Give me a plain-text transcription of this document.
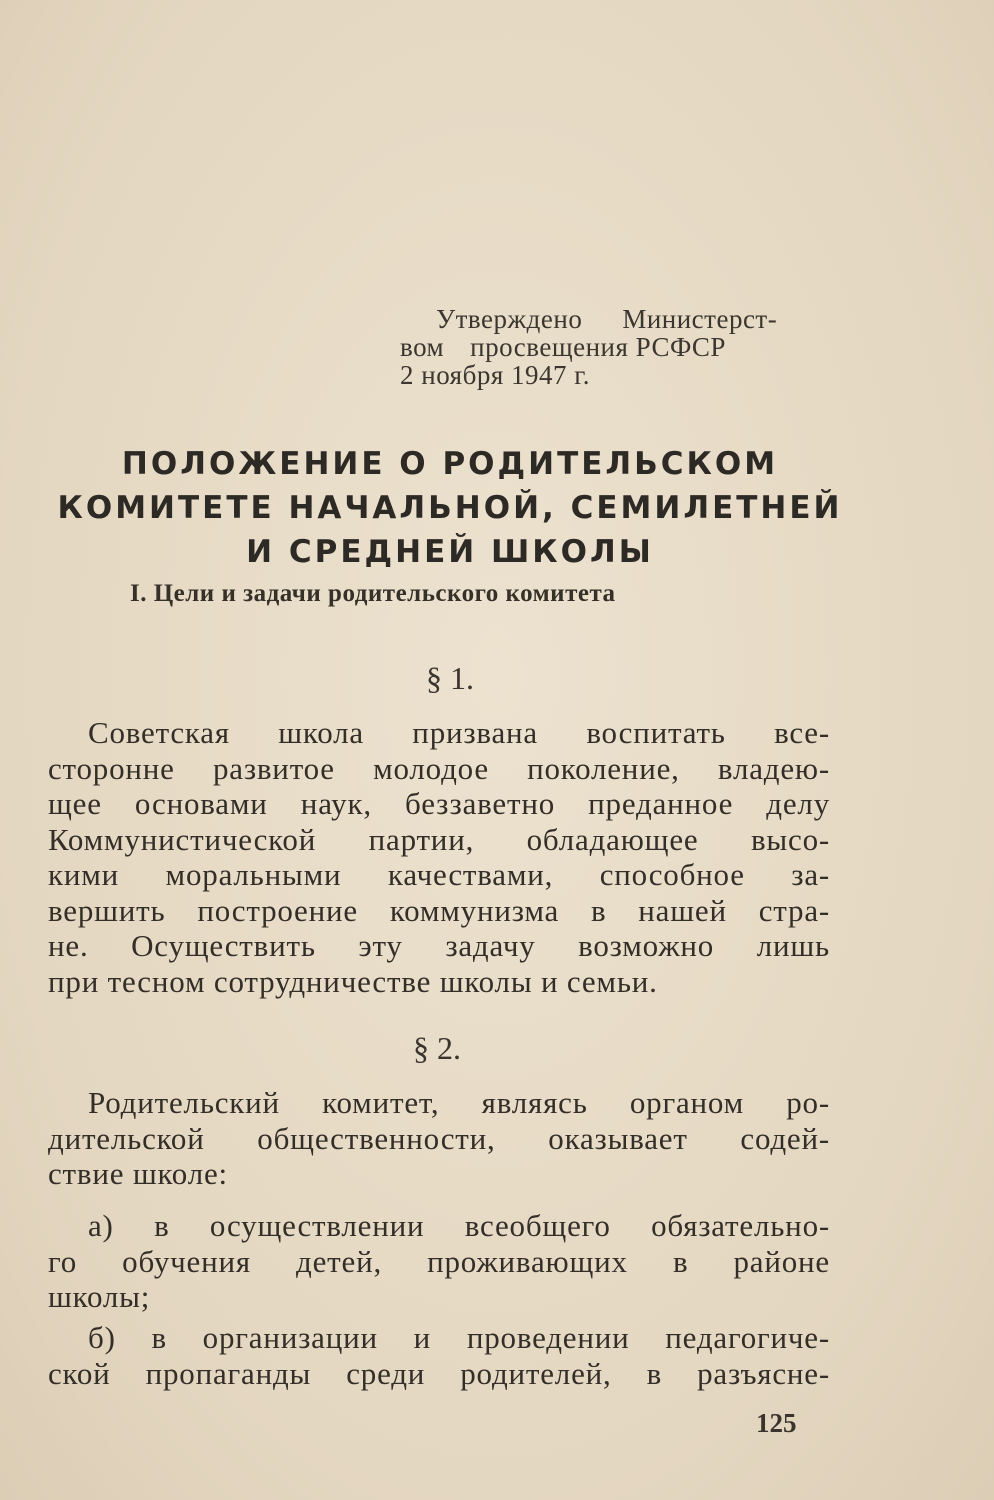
Утверждено Министерст-
вом просвещения РСФСР
2 ноября 1947 г.
ПОЛОЖЕНИЕ О РОДИТЕЛЬСКОМ
КОМИТЕТЕ НАЧАЛЬНОЙ, СЕМИЛЕТНЕЙ
И СРЕДНЕЙ ШКОЛЫ
I. Цели и задачи родительского комитета
§ 1.
Советская школа призвана воспитать все-
сторонне развитое молодое поколение, владею-
щее основами наук, беззаветно преданное делу
Коммунистической партии, обладающее высо-
кими моральными качествами, способное за-
вершить построение коммунизма в нашей стра-
не. Осуществить эту задачу возможно лишь
при тесном сотрудничестве школы и семьи.
§ 2.
Родительский комитет, являясь органом ро-
дительской общественности, оказывает содей-
ствие школе:
а) в осуществлении всеобщего обязательно-
го обучения детей, проживающих в районе
школы;
б) в организации и проведении педагогиче-
ской пропаганды среди родителей, в разъясне-
125
